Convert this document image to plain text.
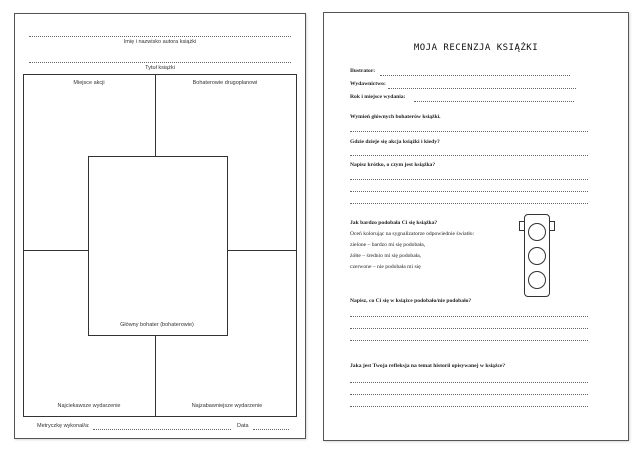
Imię i nazwisko autora książki
Tytuł książki
Miejsce akcji	Bohaterowie drugoplanowi
Główny bohater (bohaterowie)
Najciekawsze wydarzenie	Najzabawniejsze wydarzenie
Metryczkę wykonał/a:	Data
MOJA RECENZJA KSIĄŻKI
Ilustrator:
Wydawnictwo:
Rok i miejsce wydania:
Wymień głównych bohaterów książki.
Gdzie dzieje się akcja książki i kiedy?
Napisz krótko, o czym jest książka?
Jak bardzo podobała Ci się książka?
Oceń kolorując na sygnalizatorze odpowiednie światło:
zielone – bardzo mi się podobała,
żółte – średnio mi się podobała,
czerwone – nie podobała mi się
Napisz, co Ci się w książce podobało/nie podobało?
Jaka jest Twoja refleksja na temat historii opisywanej w książce?
